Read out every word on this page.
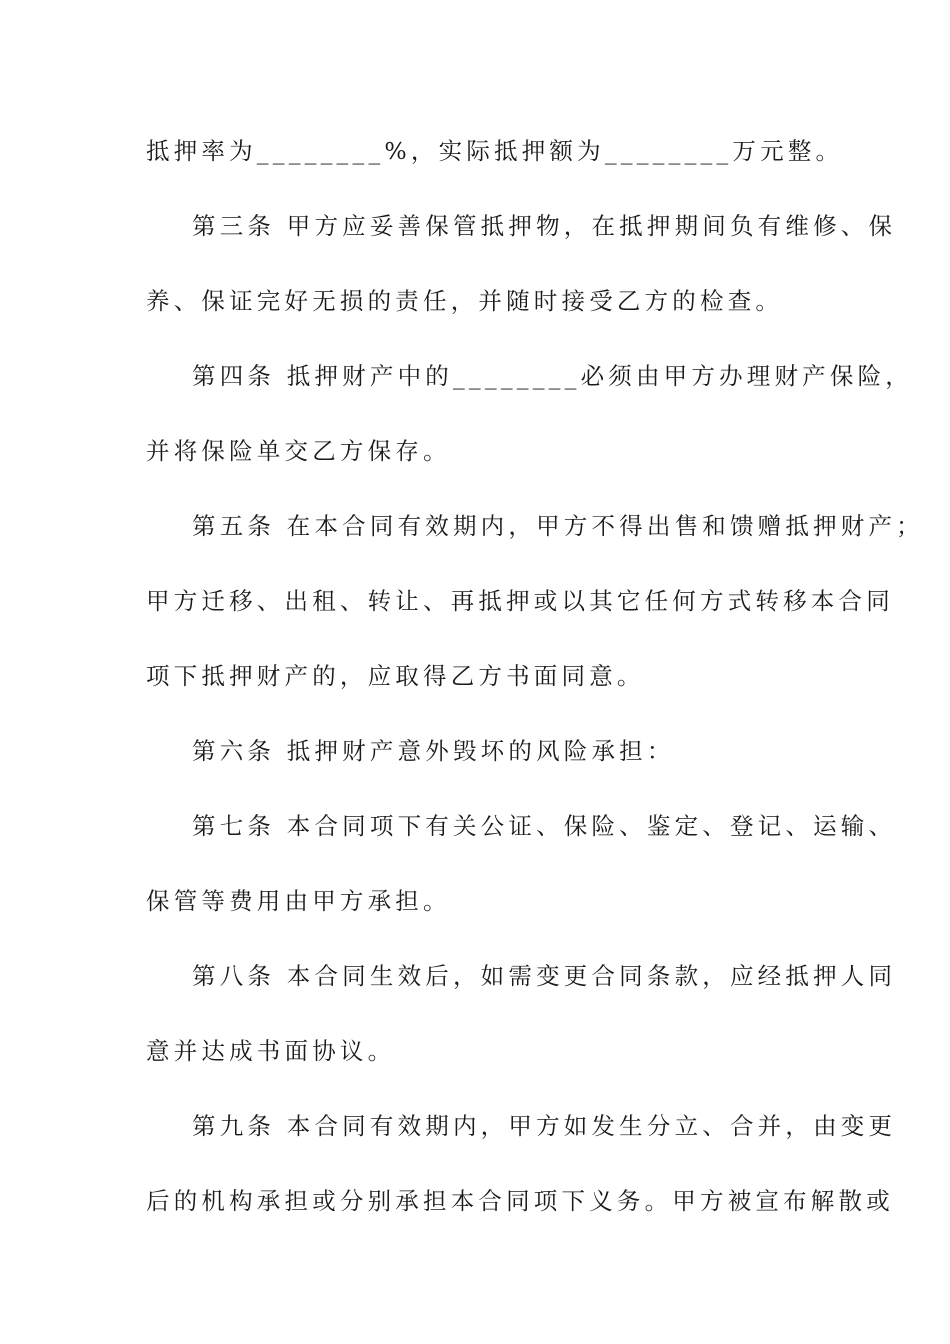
抵押率为________%，实际抵押额为________万元整。
第三条 甲方应妥善保管抵押物，在抵押期间负有维修、保
养、保证完好无损的责任，并随时接受乙方的检查。
第四条 抵押财产中的________必须由甲方办理财产保险，
并将保险单交乙方保存。
第五条 在本合同有效期内，甲方不得出售和馈赠抵押财产；
甲方迁移、出租、转让、再抵押或以其它任何方式转移本合同
项下抵押财产的，应取得乙方书面同意。
第六条 抵押财产意外毁坏的风险承担：
第七条 本合同项下有关公证、保险、鉴定、登记、运输、
保管等费用由甲方承担。
第八条 本合同生效后，如需变更合同条款，应经抵押人同
意并达成书面协议。
第九条 本合同有效期内，甲方如发生分立、合并，由变更
后的机构承担或分别承担本合同项下义务。甲方被宣布解散或
